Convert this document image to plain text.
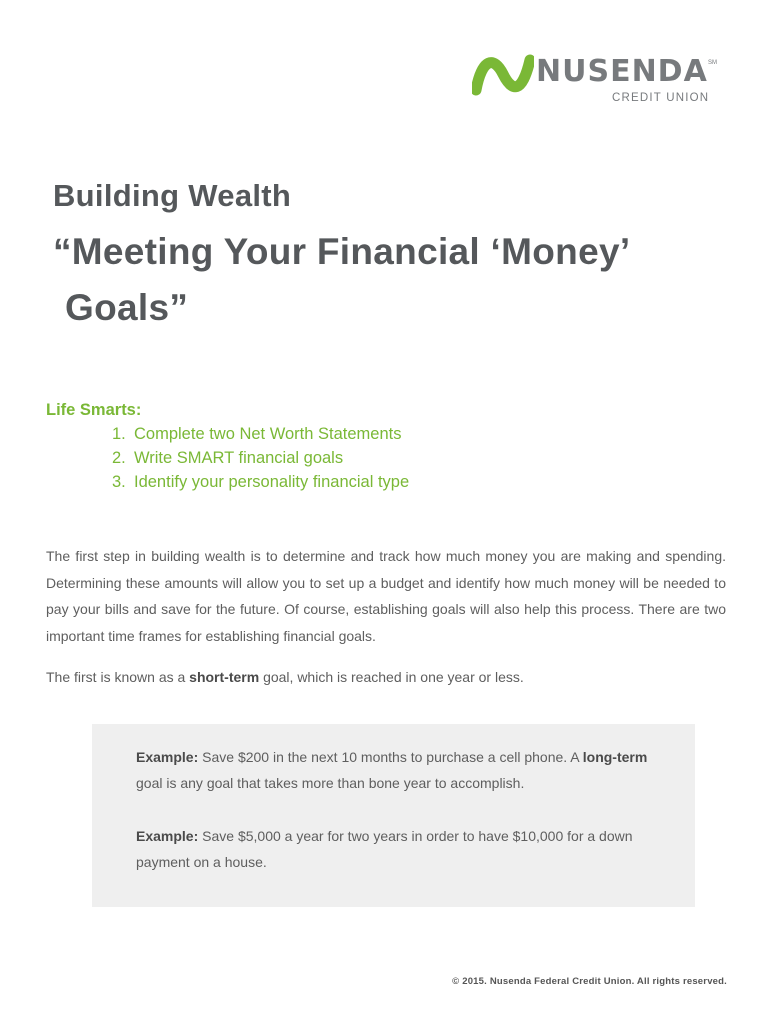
NUSENDA SM
CREDIT UNION
Building Wealth
“Meeting Your Financial ‘Money’
Goals”
Life Smarts:
1. Complete two Net Worth Statements
2. Write SMART financial goals
3. Identify your personality financial type

The first step in building wealth is to determine and track how much money you are making and spending. Determining these amounts will allow you to set up a budget and identify how much money will be needed to pay your bills and save for the future. Of course, establishing goals will also help this process. There are two important time frames for establishing financial goals.

The first is known as a short-term goal, which is reached in one year or less.

Example: Save $200 in the next 10 months to purchase a cell phone. A long-term goal is any goal that takes more than bone year to accomplish.

Example: Save $5,000 a year for two years in order to have $10,000 for a down payment on a house.

© 2015. Nusenda Federal Credit Union. All rights reserved.
